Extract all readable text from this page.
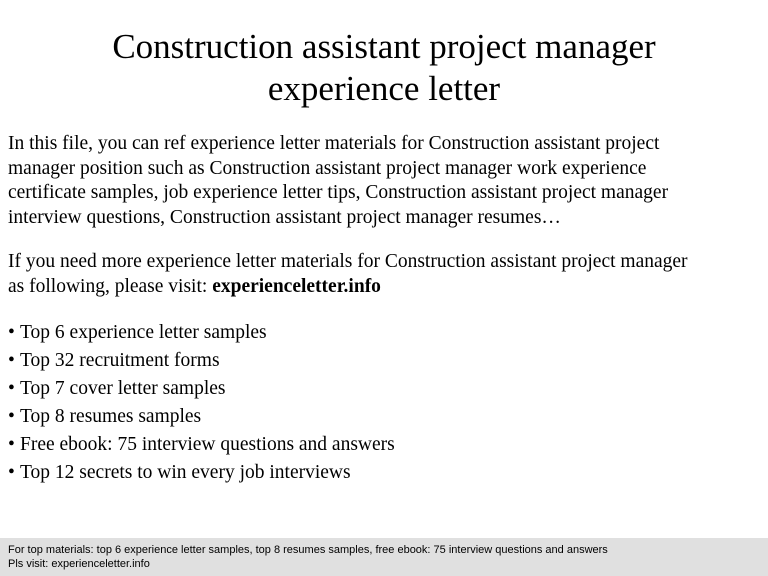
Construction assistant project manager
experience letter

In this file, you can ref experience letter materials for Construction assistant project
manager position such as Construction assistant project manager work experience
certificate samples, job experience letter tips, Construction assistant project manager
interview questions, Construction assistant project manager resumes…

If you need more experience letter materials for Construction assistant project manager
as following, please visit: experienceletter.info

• Top 6 experience letter samples
• Top 32 recruitment forms
• Top 7 cover letter samples
• Top 8 resumes samples
• Free ebook: 75 interview questions and answers
• Top 12 secrets to win every job interviews
For top materials: top 6 experience letter samples, top 8 resumes samples, free ebook: 75 interview questions and answers
Pls visit: experienceletter.info
